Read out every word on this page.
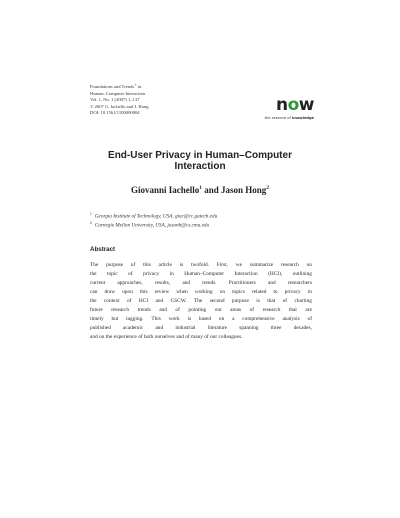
Foundations and Trends® in
Human–Computer Interaction
Vol. 1, No. 1 (2007) 1–137
© 2007 G. Iachello and J. Hong
DOI: 10.1561/1100000004	now
the essence of knowledge
End-User Privacy in Human–Computer
Interaction
Giovanni Iachello$^1$ and Jason Hong$^2$
$^1$ Georgia Institute of Technology, USA, giac@cc.gatech.edu
$^2$ Carnegie Mellon University, USA, jasonh@cs.cmu.edu
Abstract
The purpose of this article is twofold. First, we summarize research on
the topic of privacy in Human–Computer Interaction (HCI), outlining
current approaches, results, and trends. Practitioners and researchers
can draw upon this review when working on topics related to privacy in
the context of HCI and CSCW. The second purpose is that of charting
future research trends and of pointing out areas of research that are
timely but lagging. This work is based on a comprehensive analysis of
published academic and industrial literature spanning three decades,
and on the experience of both ourselves and of many of our colleagues.
